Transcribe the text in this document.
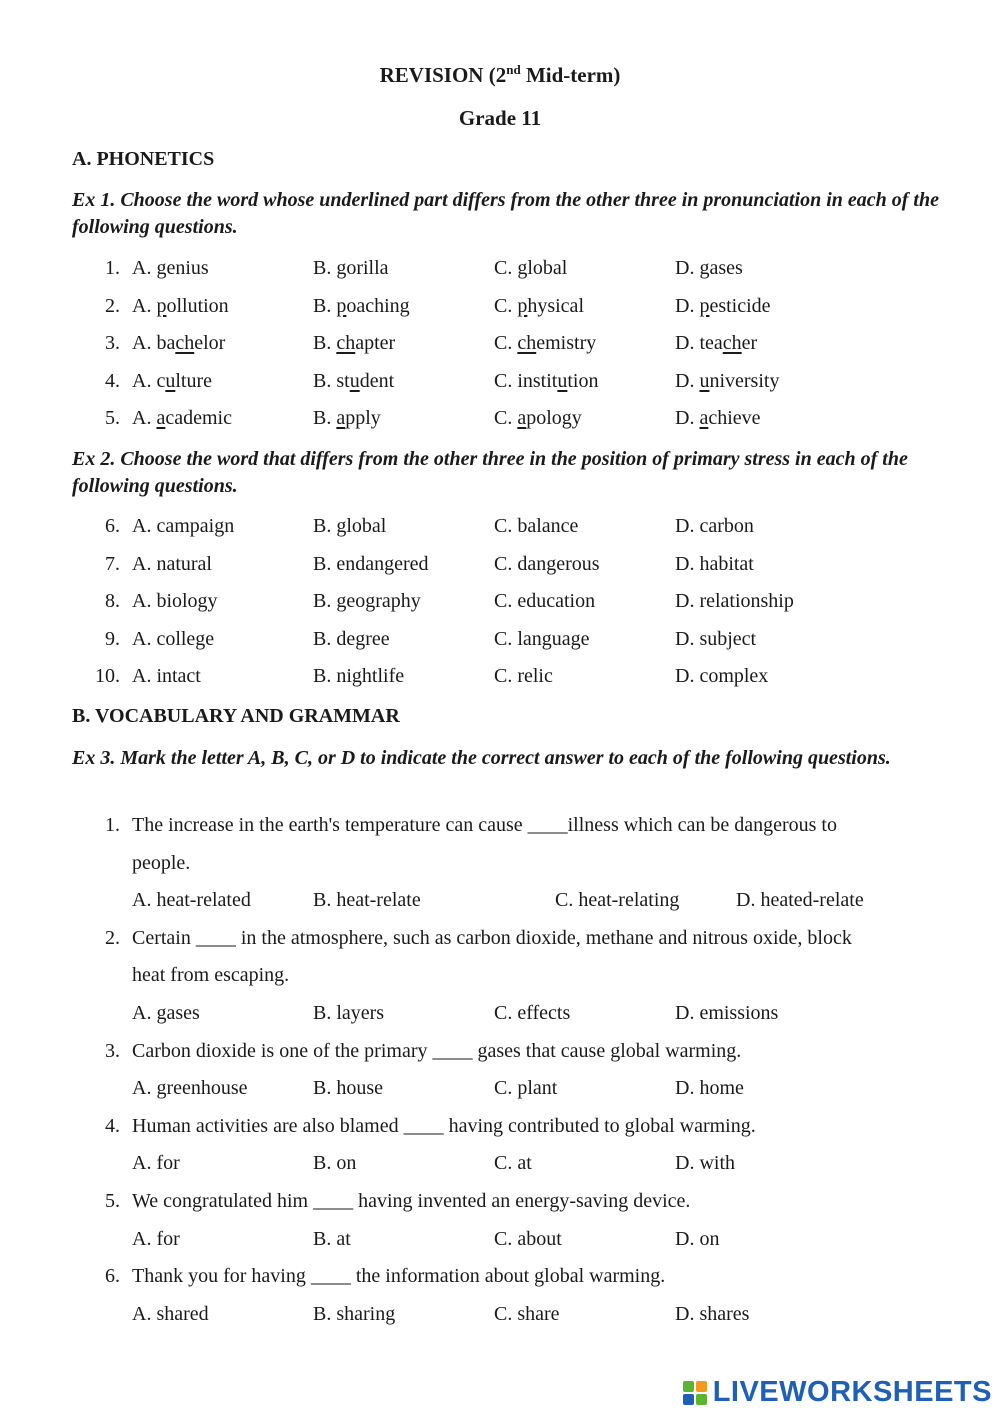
REVISION (2nd Mid-term)
Grade 11
A. PHONETICS
Ex 1. Choose the word whose underlined part differs from the other three in pronunciation in each of the following questions.
1. A. genius	B. gorilla	C. global	D. gases
2. A. pollution	B. poaching	C. physical	D. pesticide
3. A. bachelor	B. chapter	C. chemistry	D. teacher
4. A. culture	B. student	C. institution	D. university
5. A. academic	B. apply	C. apology	D. achieve
Ex 2. Choose the word that differs from the other three in the position of primary stress in each of the following questions.
6. A. campaign	B. global	C. balance	D. carbon
7. A. natural	B. endangered	C. dangerous	D. habitat
8. A. biology	B. geography	C. education	D. relationship
9. A. college	B. degree	C. language	D. subject
10. A. intact	B. nightlife	C. relic	D. complex
B. VOCABULARY AND GRAMMAR
Ex 3. Mark the letter A, B, C, or D to indicate the correct answer to each of the following questions.
1. The increase in the earth's temperature can cause ____illness which can be dangerous to
people.
A. heat-related	B. heat-relate	C. heat-relating	D. heated-relate
2. Certain ____ in the atmosphere, such as carbon dioxide, methane and nitrous oxide, block
heat from escaping.
A. gases	B. layers	C. effects	D. emissions
3. Carbon dioxide is one of the primary ____ gases that cause global warming.
A. greenhouse	B. house	C. plant	D. home
4. Human activities are also blamed ____ having contributed to global warming.
A. for	B. on	C. at	D. with
5. We congratulated him ____ having invented an energy-saving device.
A. for	B. at	C. about	D. on
6. Thank you for having ____ the information about global warming.
A. shared	B. sharing	C. share	D. shares
LIVEWORKSHEETS
